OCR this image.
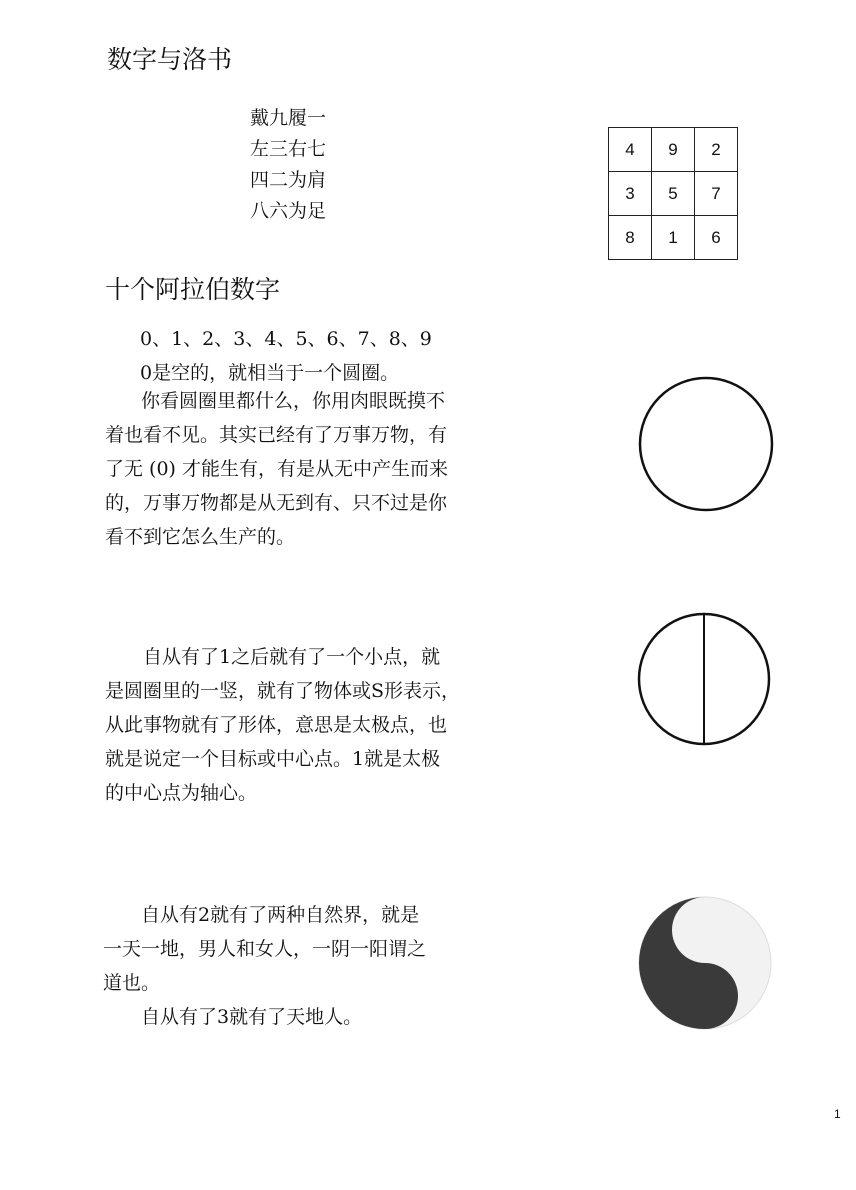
数字与洛书
戴九履一
左三右七
四二为肩
八六为足
4	9	2
3	5	7
8	1	6
十个阿拉伯数字
0、1、2、3、4、5、6、7、8、9
0是空的，就相当于一个圆圈。
你看圆圈里都什么，你用肉眼既摸不
着也看不见。其实已经有了万事万物，有
了无 (0) 才能生有，有是从无中产生而来
的，万事万物都是从无到有、只不过是你
看不到它怎么生产的。
自从有了1之后就有了一个小点，就
是圆圈里的一竖，就有了物体或S形表示，
从此事物就有了形体，意思是太极点，也
就是说定一个目标或中心点。1就是太极
的中心点为轴心。
自从有2就有了两种自然界，就是
一天一地，男人和女人，一阴一阳谓之
道也。
自从有了3就有了天地人。
1
